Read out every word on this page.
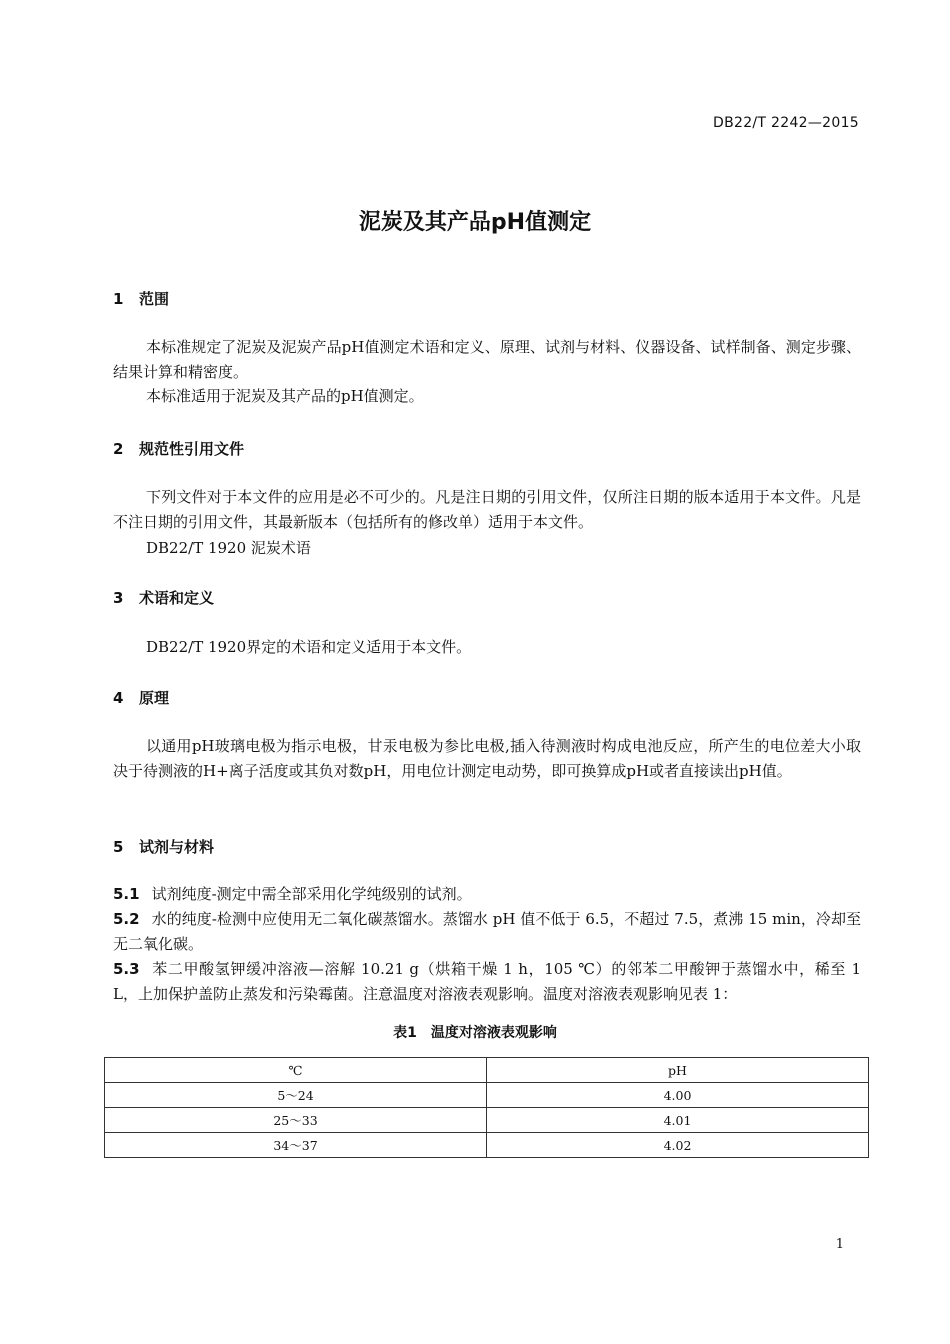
DB22/T 2242—2015
泥炭及其产品pH值测定
1 范围
本标准规定了泥炭及泥炭产品pH值测定术语和定义、原理、试剂与材料、仪器设备、试样制备、测定步骤、结果计算和精密度。
本标准适用于泥炭及其产品的pH值测定。
2 规范性引用文件
下列文件对于本文件的应用是必不可少的。凡是注日期的引用文件，仅所注日期的版本适用于本文件。凡是不注日期的引用文件，其最新版本（包括所有的修改单）适用于本文件。
DB22/T 1920 泥炭术语
3 术语和定义
DB22/T 1920界定的术语和定义适用于本文件。
4 原理
以通用pH玻璃电极为指示电极，甘汞电极为参比电极,插入待测液时构成电池反应，所产生的电位差大小取决于待测液的H+离子活度或其负对数pH，用电位计测定电动势，即可换算成pH或者直接读出pH值。
5 试剂与材料
5.1 试剂纯度-测定中需全部采用化学纯级别的试剂。
5.2 水的纯度-检测中应使用无二氧化碳蒸馏水。蒸馏水 pH 值不低于 6.5，不超过 7.5，煮沸 15 min，冷却至无二氧化碳。
5.3 苯二甲酸氢钾缓冲溶液—溶解 10.21 g（烘箱干燥 1 h，105 ℃）的邻苯二甲酸钾于蒸馏水中，稀至 1 L，上加保护盖防止蒸发和污染霉菌。注意温度对溶液表观影响。温度对溶液表观影响见表 1：
表1 温度对溶液表观影响
℃	pH
5～24	4.00
25～33	4.01
34～37	4.02
1
